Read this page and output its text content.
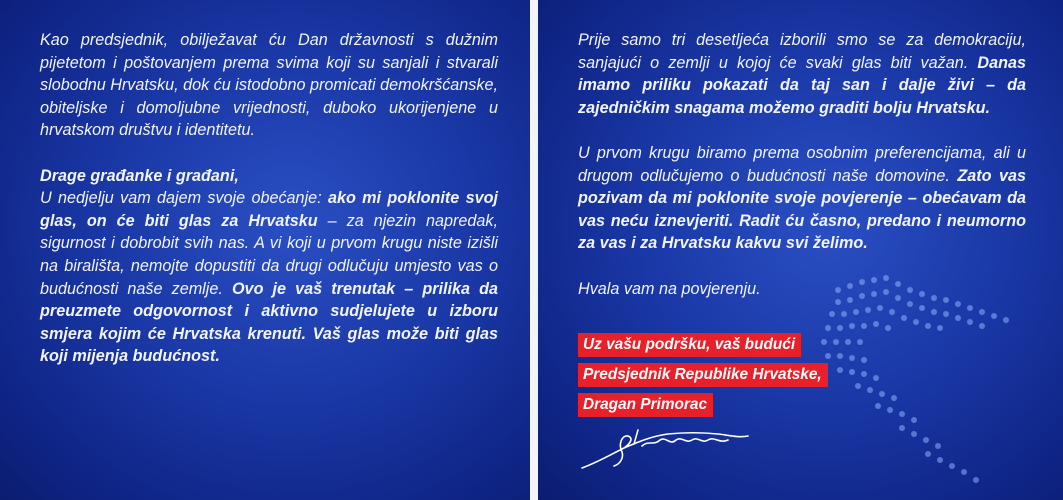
Kao predsjednik, obilježavat ću Dan državnosti s dužnim pijetetom i poštovanjem prema svima koji su sanjali i stvarali slobodnu Hrvatsku, dok ću istodobno promicati demokršćanske, obiteljske i domoljubne vrijednosti, duboko ukorijenjene u hrvatskom društvu i identitetu.

Drage građanke i građani,
U nedjelju vam dajem svoje obećanje: ako mi poklonite svoj glas, on će biti glas za Hrvatsku – za njezin napredak, sigurnost i dobrobit svih nas. A vi koji u prvom krugu niste izišli na birališta, nemojte dopustiti da drugi odlučuju umjesto vas o budućnosti naše zemlje. Ovo je vaš trenutak – prilika da preuzmete odgovornost i aktivno sudjelujete u izboru smjera kojim će Hrvatska krenuti. Vaš glas može biti glas koji mijenja budućnost.

Prije samo tri desetljeća izborili smo se za demokraciju, sanjajući o zemlji u kojoj će svaki glas biti važan. Danas imamo priliku pokazati da taj san i dalje živi – da zajedničkim snagama možemo graditi bolju Hrvatsku.

U prvom krugu biramo prema osobnim preferencijama, ali u drugom odlučujemo o budućnosti naše domovine. Zato vas pozivam da mi poklonite svoje povjerenje – obećavam da vas neću iznevjeriti. Radit ću časno, predano i neumorno za vas i za Hrvatsku kakvu svi želimo.

Hvala vam na povjerenju.

Uz vašu podršku, vaš budući
Predsjednik Republike Hrvatske,
Dragan Primorac
